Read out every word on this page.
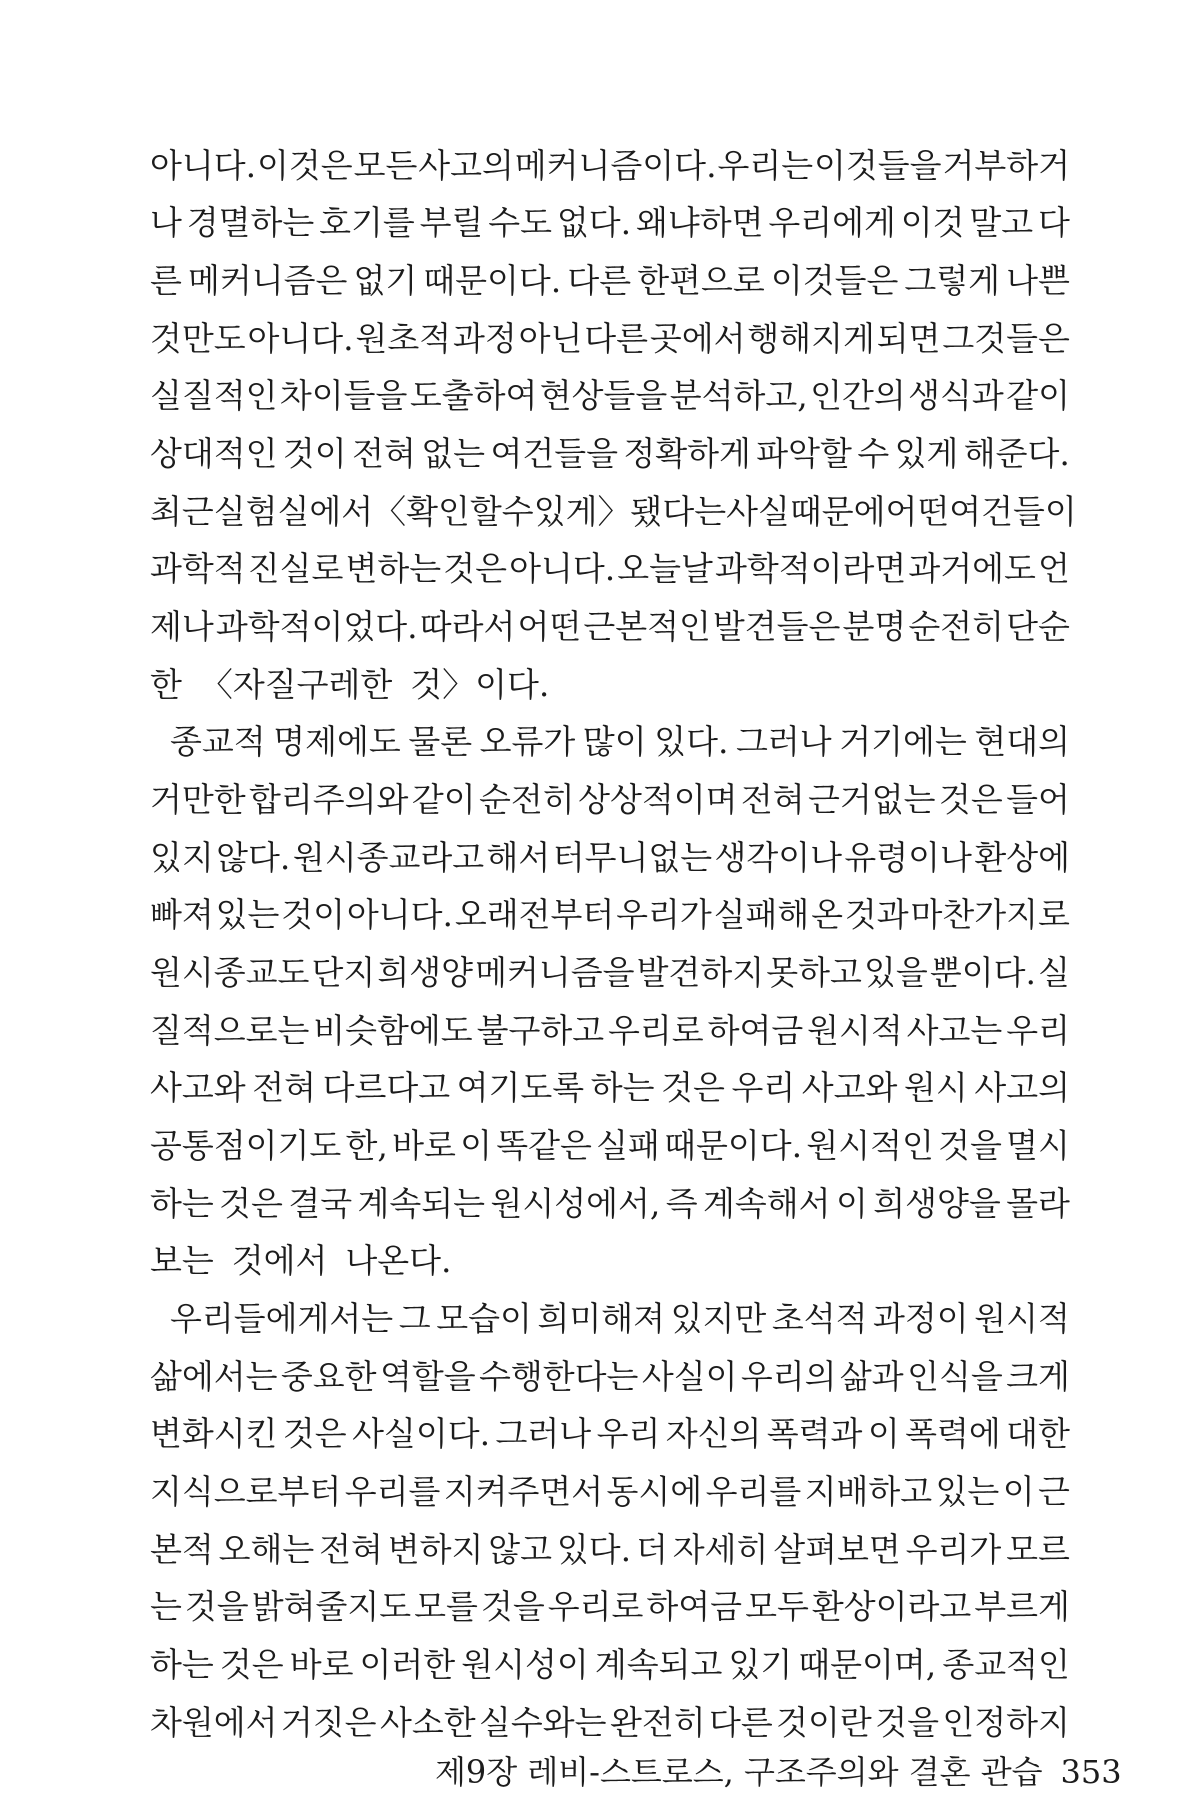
아니다. 이것은 모든 사고의 메커니즘이다. 우리는 이것들을 거부하거
나 경멸하는 호기를 부릴 수도 없다. 왜냐하면 우리에게 이것 말고 다
른 메커니즘은 없기 때문이다. 다른 한편으로 이것들은 그렇게 나쁜
것만도 아니다. 원초적 과정 아닌 다른 곳에서 행해지게 되면 그것들은
실질적인 차이들을 도출하여 현상들을 분석하고, 인간의 생식과 같이
상대적인 것이 전혀 없는 여건들을 정확하게 파악할 수 있게 해준다.
최근 실험실에서 〈확인할 수 있게〉 됐다는 사실 때문에 어떤 여건들이
과학적 진실로 변하는 것은 아니다. 오늘날 과학적이라면 과거에도 언
제나 과학적이었다. 따라서 어떤 근본적인 발견들은 분명 순전히 단순
한 〈자질구레한 것〉이다.
종교적 명제에도 물론 오류가 많이 있다. 그러나 거기에는 현대의
거만한 합리주의와 같이 순전히 상상적이며 전혀 근거없는 것은 들어
있지 않다. 원시종교라고 해서 터무니없는 생각이나 유령이나 환상에
빠져 있는 것이 아니다. 오래전부터 우리가 실패해 온 것과 마찬가지로
원시종교도 단지 희생양 메커니즘을 발견하지 못하고 있을 뿐이다. 실
질적으로는 비슷함에도 불구하고 우리로 하여금 원시적 사고는 우리
사고와 전혀 다르다고 여기도록 하는 것은 우리 사고와 원시 사고의
공통점이기도 한, 바로 이 똑같은 실패 때문이다. 원시적인 것을 멸시
하는 것은 결국 계속되는 원시성에서, 즉 계속해서 이 희생양을 몰라
보는 것에서 나온다.
우리들에게서는 그 모습이 희미해져 있지만 초석적 과정이 원시적
삶에서는 중요한 역할을 수행한다는 사실이 우리의 삶과 인식을 크게
변화시킨 것은 사실이다. 그러나 우리 자신의 폭력과 이 폭력에 대한
지식으로부터 우리를 지켜주면서 동시에 우리를 지배하고 있는 이 근
본적 오해는 전혀 변하지 않고 있다. 더 자세히 살펴보면 우리가 모르
는 것을 밝혀줄지도 모를 것을 우리로 하여금 모두 환상이라고 부르게
하는 것은 바로 이러한 원시성이 계속되고 있기 때문이며, 종교적인
차원에서 거짓은 사소한 실수와는 완전히 다른 것이란 것을 인정하지
제9장 레비-스트로스, 구조주의와 결혼 관습 353
